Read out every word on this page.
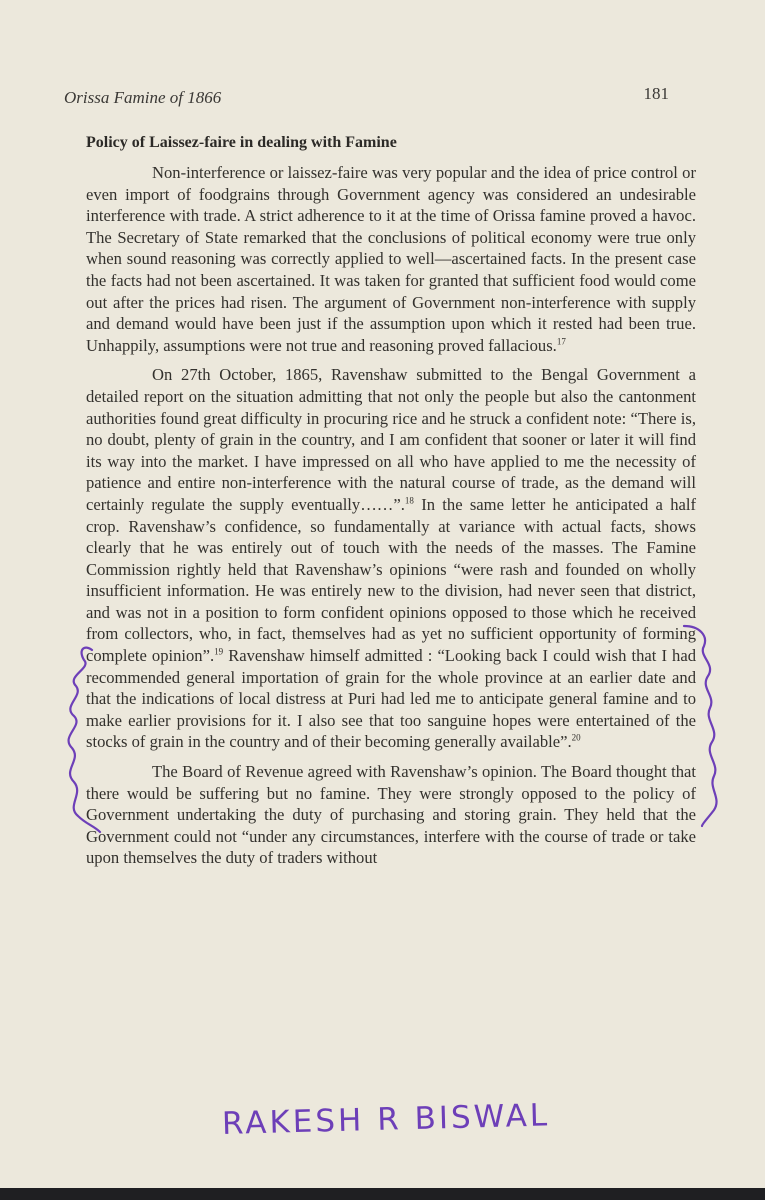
Orissa Famine of 1866	181
Policy of Laissez-faire in dealing with Famine

Non-interference or laissez-faire was very popular and the idea of price control or even import of foodgrains through Government agency was considered an undesirable interference with trade. A strict adherence to it at the time of Orissa famine proved a havoc. The Secretary of State remarked that the conclusions of political economy were true only when sound reasoning was correctly applied to well—ascertained facts. In the present case the facts had not been ascertained. It was taken for granted that sufficient food would come out after the prices had risen. The argument of Government non-interference with supply and demand would have been just if the assumption upon which it rested had been true. Unhappily, assumptions were not true and reasoning proved fallacious.$^{17}$

On 27th October, 1865, Ravenshaw submitted to the Bengal Government a detailed report on the situation admitting that not only the people but also the cantonment authorities found great difficulty in procuring rice and he struck a confident note: “There is, no doubt, plenty of grain in the country, and I am confident that sooner or later it will find its way into the market. I have impressed on all who have applied to me the necessity of patience and entire non-interference with the natural course of trade, as the demand will certainly regulate the supply eventually……”.$^{18}$ In the same letter he anticipated a half crop. Ravenshaw’s confidence, so fundamentally at variance with actual facts, shows clearly that he was entirely out of touch with the needs of the masses. The Famine Commission rightly held that Ravenshaw’s opinions “were rash and founded on wholly insufficient information. He was entirely new to the division, had never seen that district, and was not in a position to form confident opinions opposed to those which he received from collectors, who, in fact, themselves had as yet no sufficient opportunity of forming complete opinion”.$^{19}$ Ravenshaw himself admitted : “Looking back I could wish that I had recommended general importation of grain for the whole province at an earlier date and that the indications of local distress at Puri had led me to anticipate general famine and to make earlier provisions for it. I also see that too sanguine hopes were entertained of the stocks of grain in the country and of their becoming generally available”.$^{20}$

The Board of Revenue agreed with Ravenshaw’s opinion. The Board thought that there would be suffering but no famine. They were strongly opposed to the policy of Government undertaking the duty of purchasing and storing grain. They held that the Government could not “under any circumstances, interfere with the course of trade or take upon themselves the duty of traders without

RAKESH R BISWAL
